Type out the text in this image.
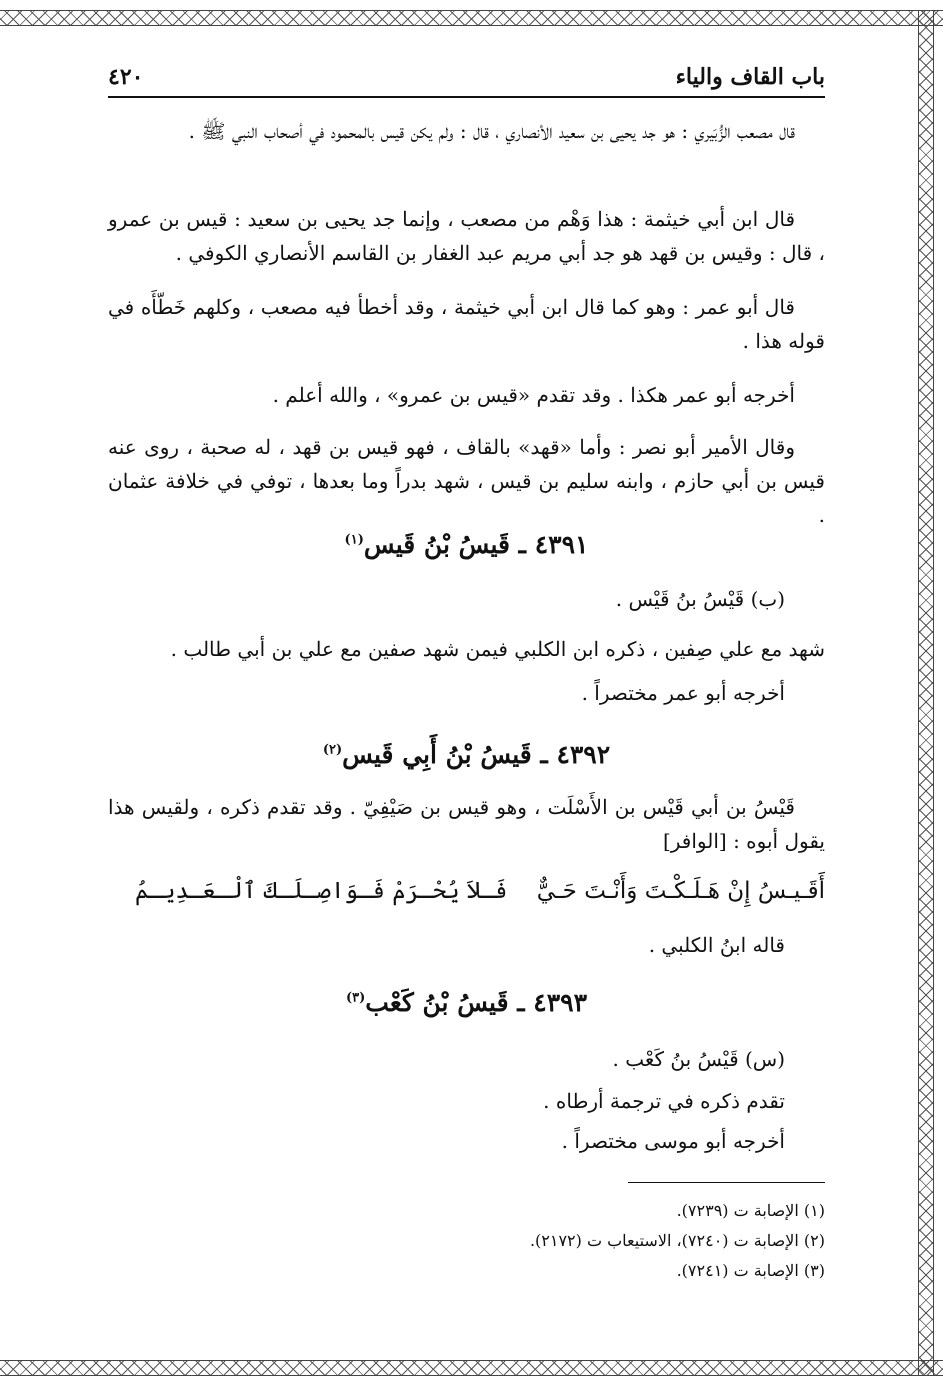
باب القاف والياء
٤٢٠
قال مصعب الزُّبَيري : هو جد يحيى بن سعيد الأنصاري ، قال : ولم يكن قيس بالمحمود في أصحاب النبي ﷺ .
قال ابن أبي خيثمة : هذا وَهْم من مصعب ، وإنما جد يحيى بن سعيد : قيس بن عمرو ، قال : وقيس بن قهد هو جد أبي مريم عبد الغفار بن القاسم الأنصاري الكوفي .
قال أبو عمر : وهو كما قال ابن أبي خيثمة ، وقد أخطأ فيه مصعب ، وكلهم خَطّأَه في قوله هذا .
أخرجه أبو عمر هكذا . وقد تقدم «قيس بن عمرو» ، والله أعلم .
وقال الأمير أبو نصر : وأما «قهد» بالقاف ، فهو قيس بن قهد ، له صحبة ، روى عنه قيس بن أبي حازم ، وابنه سليم بن قيس ، شهد بدراً وما بعدها ، توفي في خلافة عثمان .
٤٣٩١ ـ قَيسُ بْنُ قَيس$^{(١)}$
(ب) قَيْسُ بنُ قَيْس .
شهد مع علي صِفين ، ذكره ابن الكلبي فيمن شهد صفين مع علي بن أبي طالب .
أخرجه أبو عمر مختصراً .
٤٣٩٢ ـ قَيسُ بْنُ أَبِي قَيس$^{(٢)}$
قَيْسُ بن أبي قَيْس بن الأَسْلَت ، وهو قيس بن صَيْفِيّ . وقد تقدم ذكره ، ولقيس هذا يقول أبوه : [الوافر]
أَقَـيـسُ إِنْ هَـلَـكْـتَ وَأَنْـتَ حَـيٌّ
فَـلاَ يُحْـرَمْ فَـوَاصِـلَـكَ ٱلْـعَـدِيـمُ
قاله ابنُ الكلبي .
٤٣٩٣ ـ قَيسُ بْنُ كَعْب$^{(٣)}$
(س) قَيْسُ بنُ كَعْب .
تقدم ذكره في ترجمة أرطاه .
أخرجه أبو موسى مختصراً .
(١) الإصابة ت (٧٢٣٩).
(٢) الإصابة ت (٧٢٤٠)، الاستيعاب ت (٢١٧٢).
(٣) الإصابة ت (٧٢٤١).
